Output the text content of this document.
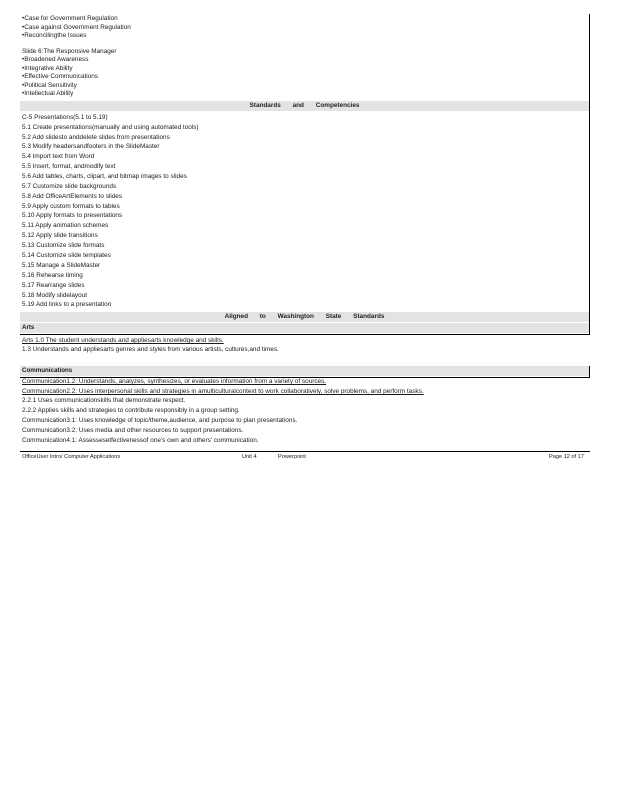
•Case for Government Regulation
•Case against Government Regulation
•Reconcilingthe Issues
Slide 6:The Responsive Manager
•Broadened Awareness
•Integrative Ability
•Effective Communications
•Political Sensitivity
•Intellectual Ability
Standards and Competencies
C-5 Presentations(5.1 to 5.19)
5.1 Create presentations(manually and using automated tools)
5.2 Add slidesto anddelete slides from presentations
5.3 Modify headersandfooters in the SlideMaster
5.4 Import text from Word
5.5 Insert, format, andmodify text
5.6 Add tables, charts, clipart, and bitmap images to slides
5.7 Customize slide backgrounds
5.8 Add OfficeArtElements to slides
5.9 Apply custom formats to tables
5.10 Apply formats to presentations
5.11 Apply animation schemes
5.12 Apply slide transitions
5.13 Customize slide formats
5.14 Customize slide templates
5.15 Manage a SlideMaster
5.16 Rehearse timing
5.17 Rearrange slides
5.18 Modify slidelayout
5.19 Add links to a presentation
Aligned to Washington State Standards
Arts
Arts 1.0 The student understands and appliesarts knowledge and skills.
1.3 Understands and appliesarts genres and styles from various artists, cultures,and times.
Communications
Communication1.2: Understands, analyzes, synthesizes, or evaluates information from a variety of sources.
Communication2.2: Uses interpersonal skills and strategies in amulticulturalcontext to work collaboratively, solve problems, and perform tasks.
2.2.1 Uses communicationskills that demonstrate respect.
2.2.2 Applies skills and strategies to contribute responsibly in a group setting.
Communication3.1: Uses knowledge of topic/theme,audience, and purpose to plan presentations.
Communication3.2: Uses media and other resources to support presentations.
Communication4.1: Assessesetfectivenessof one's own and others' communication.
OfficeUser Intro/ Computer Applications	Unit 4	Powerpoint	Page 12 of 17
